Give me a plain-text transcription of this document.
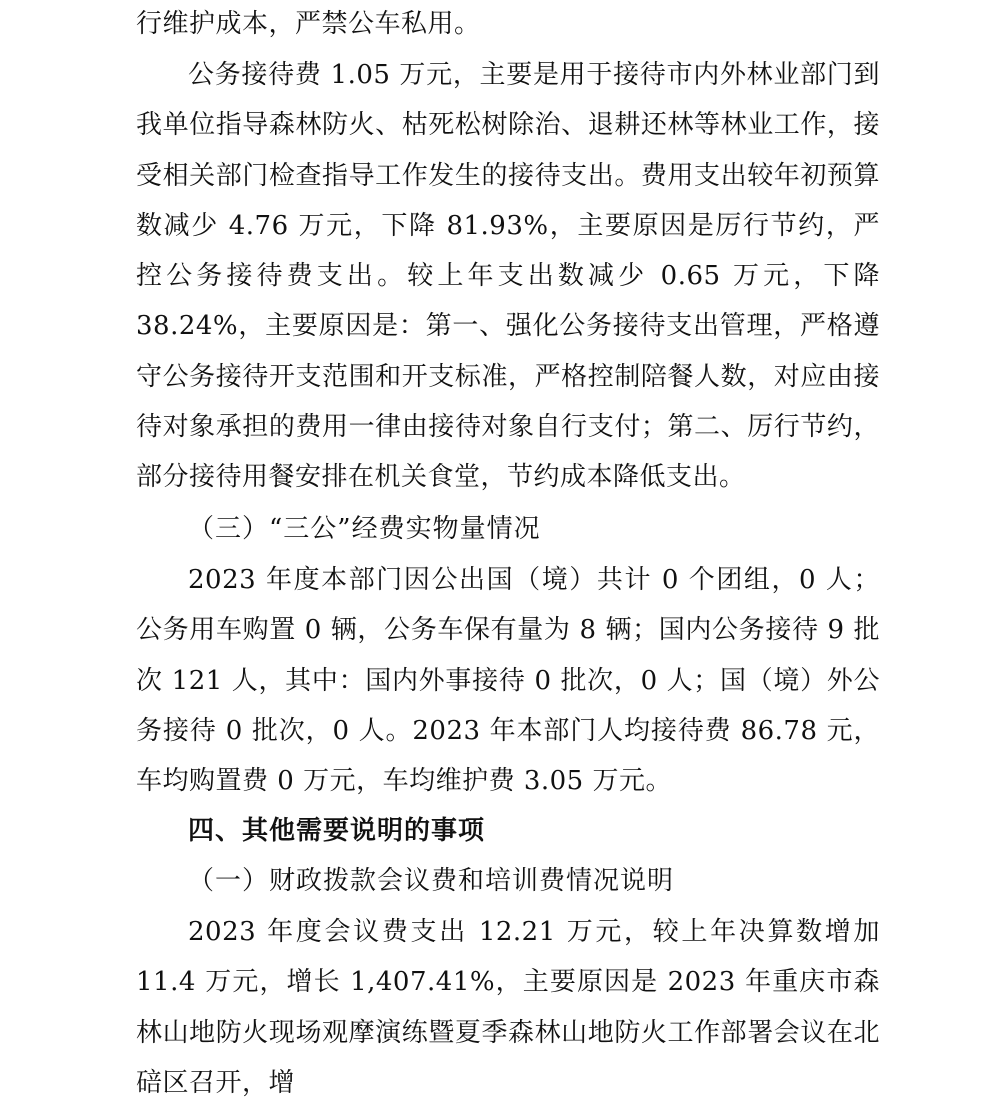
行维护成本，严禁公车私用。

公务接待费 1.05 万元，主要是用于接待市内外林业部门到我单位指导森林防火、枯死松树除治、退耕还林等林业工作，接受相关部门检查指导工作发生的接待支出。费用支出较年初预算数减少 4.76 万元，下降 81.93%，主要原因是厉行节约，严控公务接待费支出。较上年支出数减少 0.65 万元，下降 38.24%，主要原因是：第一、强化公务接待支出管理，严格遵守公务接待开支范围和开支标准，严格控制陪餐人数，对应由接待对象承担的费用一律由接待对象自行支付；第二、厉行节约，部分接待用餐安排在机关食堂，节约成本降低支出。

（三）“三公”经费实物量情况

2023 年度本部门因公出国（境）共计 0 个团组，0 人；公务用车购置 0 辆，公务车保有量为 8 辆；国内公务接待 9 批次 121 人，其中：国内外事接待 0 批次，0 人；国（境）外公务接待 0 批次，0 人。2023 年本部门人均接待费 86.78 元，车均购置费 0 万元，车均维护费 3.05 万元。

四、其他需要说明的事项

（一）财政拨款会议费和培训费情况说明

2023 年度会议费支出 12.21 万元，较上年决算数增加 11.4 万元，增长 1,407.41%，主要原因是 2023 年重庆市森林山地防火现场观摩演练暨夏季森林山地防火工作部署会议在北碚区召开，增
